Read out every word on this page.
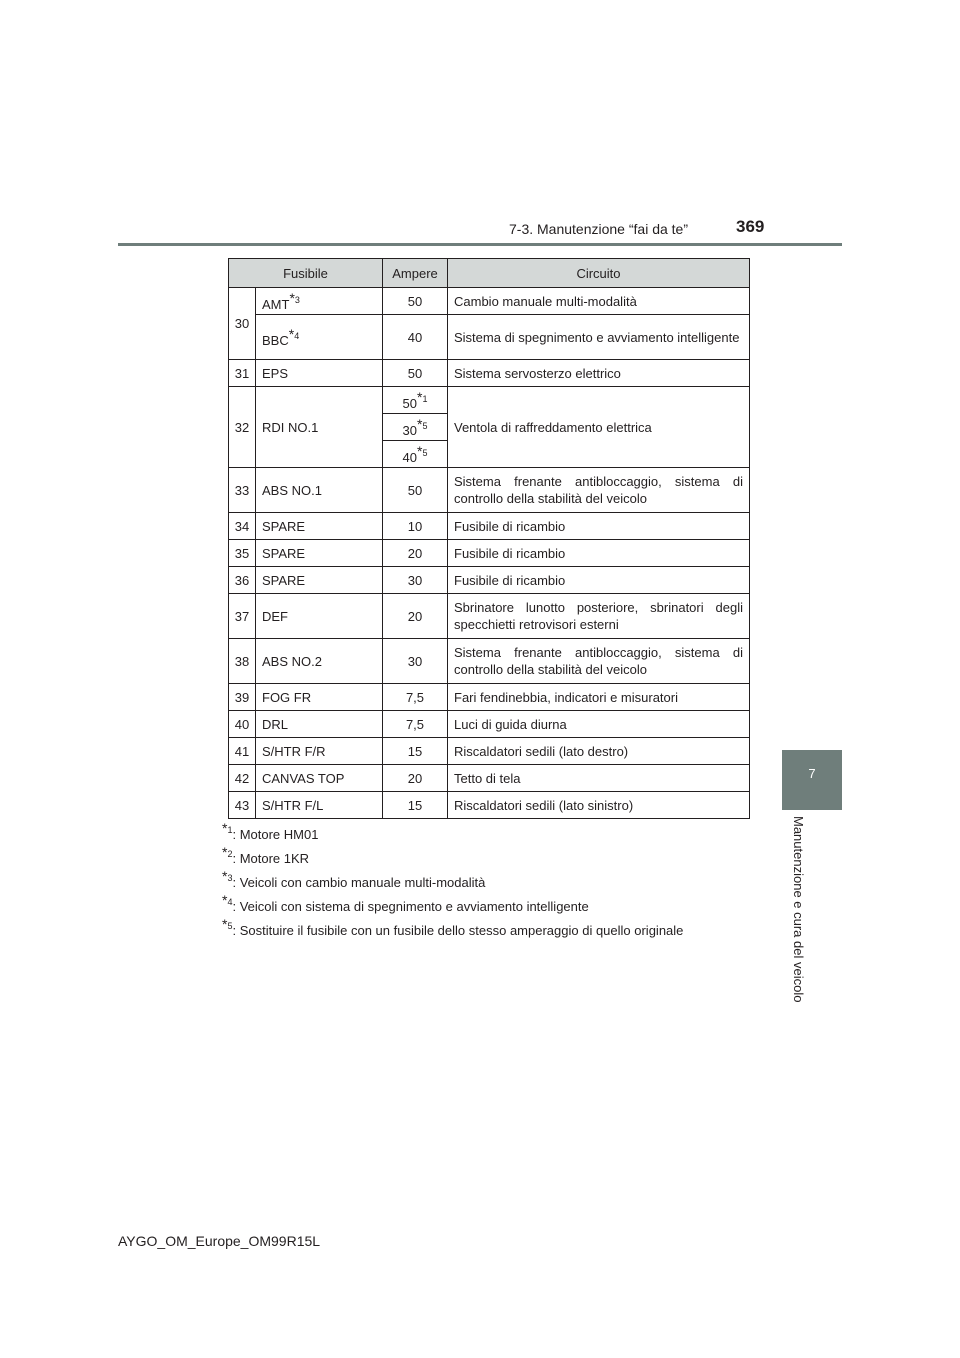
7-3. Manutenzione “fai da te”	369
7
Manutenzione e cura del veicolo
Fusibile		Ampere	Circuito
30	AMT$^{*3}$	50	Cambio manuale multi-modalità
	BBC$^{*4}$	40	Sistema di spegnimento e avviamento intelligente
31	EPS	50	Sistema servosterzo elettrico
32	RDI NO.1	50$^{*1}$	Ventola di raffreddamento elettrica
		30$^{*5}$
		40$^{*5}$
33	ABS NO.1	50	Sistema frenante antibloccaggio, sistema di controllo della stabilità del veicolo
34	SPARE	10	Fusibile di ricambio
35	SPARE	20	Fusibile di ricambio
36	SPARE	30	Fusibile di ricambio
37	DEF	20	Sbrinatore lunotto posteriore, sbrinatori degli specchietti retrovisori esterni
38	ABS NO.2	30	Sistema frenante antibloccaggio, sistema di controllo della stabilità del veicolo
39	FOG FR	7,5	Fari fendinebbia, indicatori e misuratori
40	DRL	7,5	Luci di guida diurna
41	S/HTR F/R	15	Riscaldatori sedili (lato destro)
42	CANVAS TOP	20	Tetto di tela
43	S/HTR F/L	15	Riscaldatori sedili (lato sinistro)
$^{*1}$: Motore HM01
$^{*2}$: Motore 1KR
$^{*3}$: Veicoli con cambio manuale multi-modalità
$^{*4}$: Veicoli con sistema di spegnimento e avviamento intelligente
$^{*5}$: Sostituire il fusibile con un fusibile dello stesso amperaggio di quello originale
AYGO_OM_Europe_OM99R15L
